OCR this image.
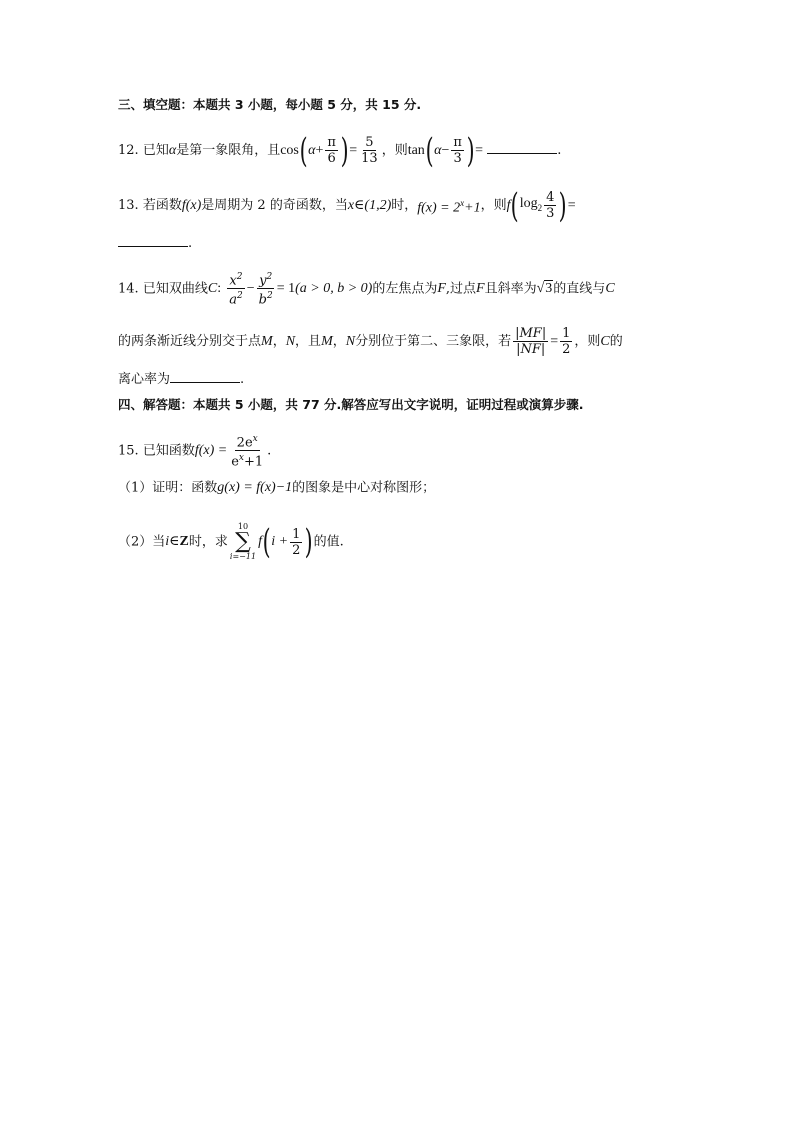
三、填空题：本题共 3 小题，每小题 5 分，共 15 分.
12. 已知α是第一象限角，且$\cos(\alpha+ \frac{\pi}{6}$ )= $\frac{5}{13}$ ，则$\tan(\alpha- \frac{\pi}{3}$ )=	.
13. 若函数f(x)是周期为 2 的奇函数，当x∈(1,2)时，$f(x) = 2^x+1$，则$f(\log_2 \frac{4}{3}$ )=
.
14. 已知双曲线C: $\frac{x^2}{a^2} - \frac{y^2}{b^2} = 1(a > 0$, b > 0)的左焦点为F,过点F且斜率为√3的直线与C
的两条渐近线分别交于点M，N，且M，N分别位于第二、三象限，若 $\frac{|MF|}{|NF|} = \frac{1}{2}$ ，则C的
离心率为	.
四、解答题：本题共 5 小题，共 77 分.解答应写出文字说明，证明过程或演算步骤.
15. 已知函数$f(x) = \frac{2e^x}{e^x+1}$ .
（1）证明：函数g(x) = f(x)−1的图象是中心对称图形；
（2）当i∈Z时，求
10
∑
i=−11
$f(i + \frac{1}{2}$ )的值.
